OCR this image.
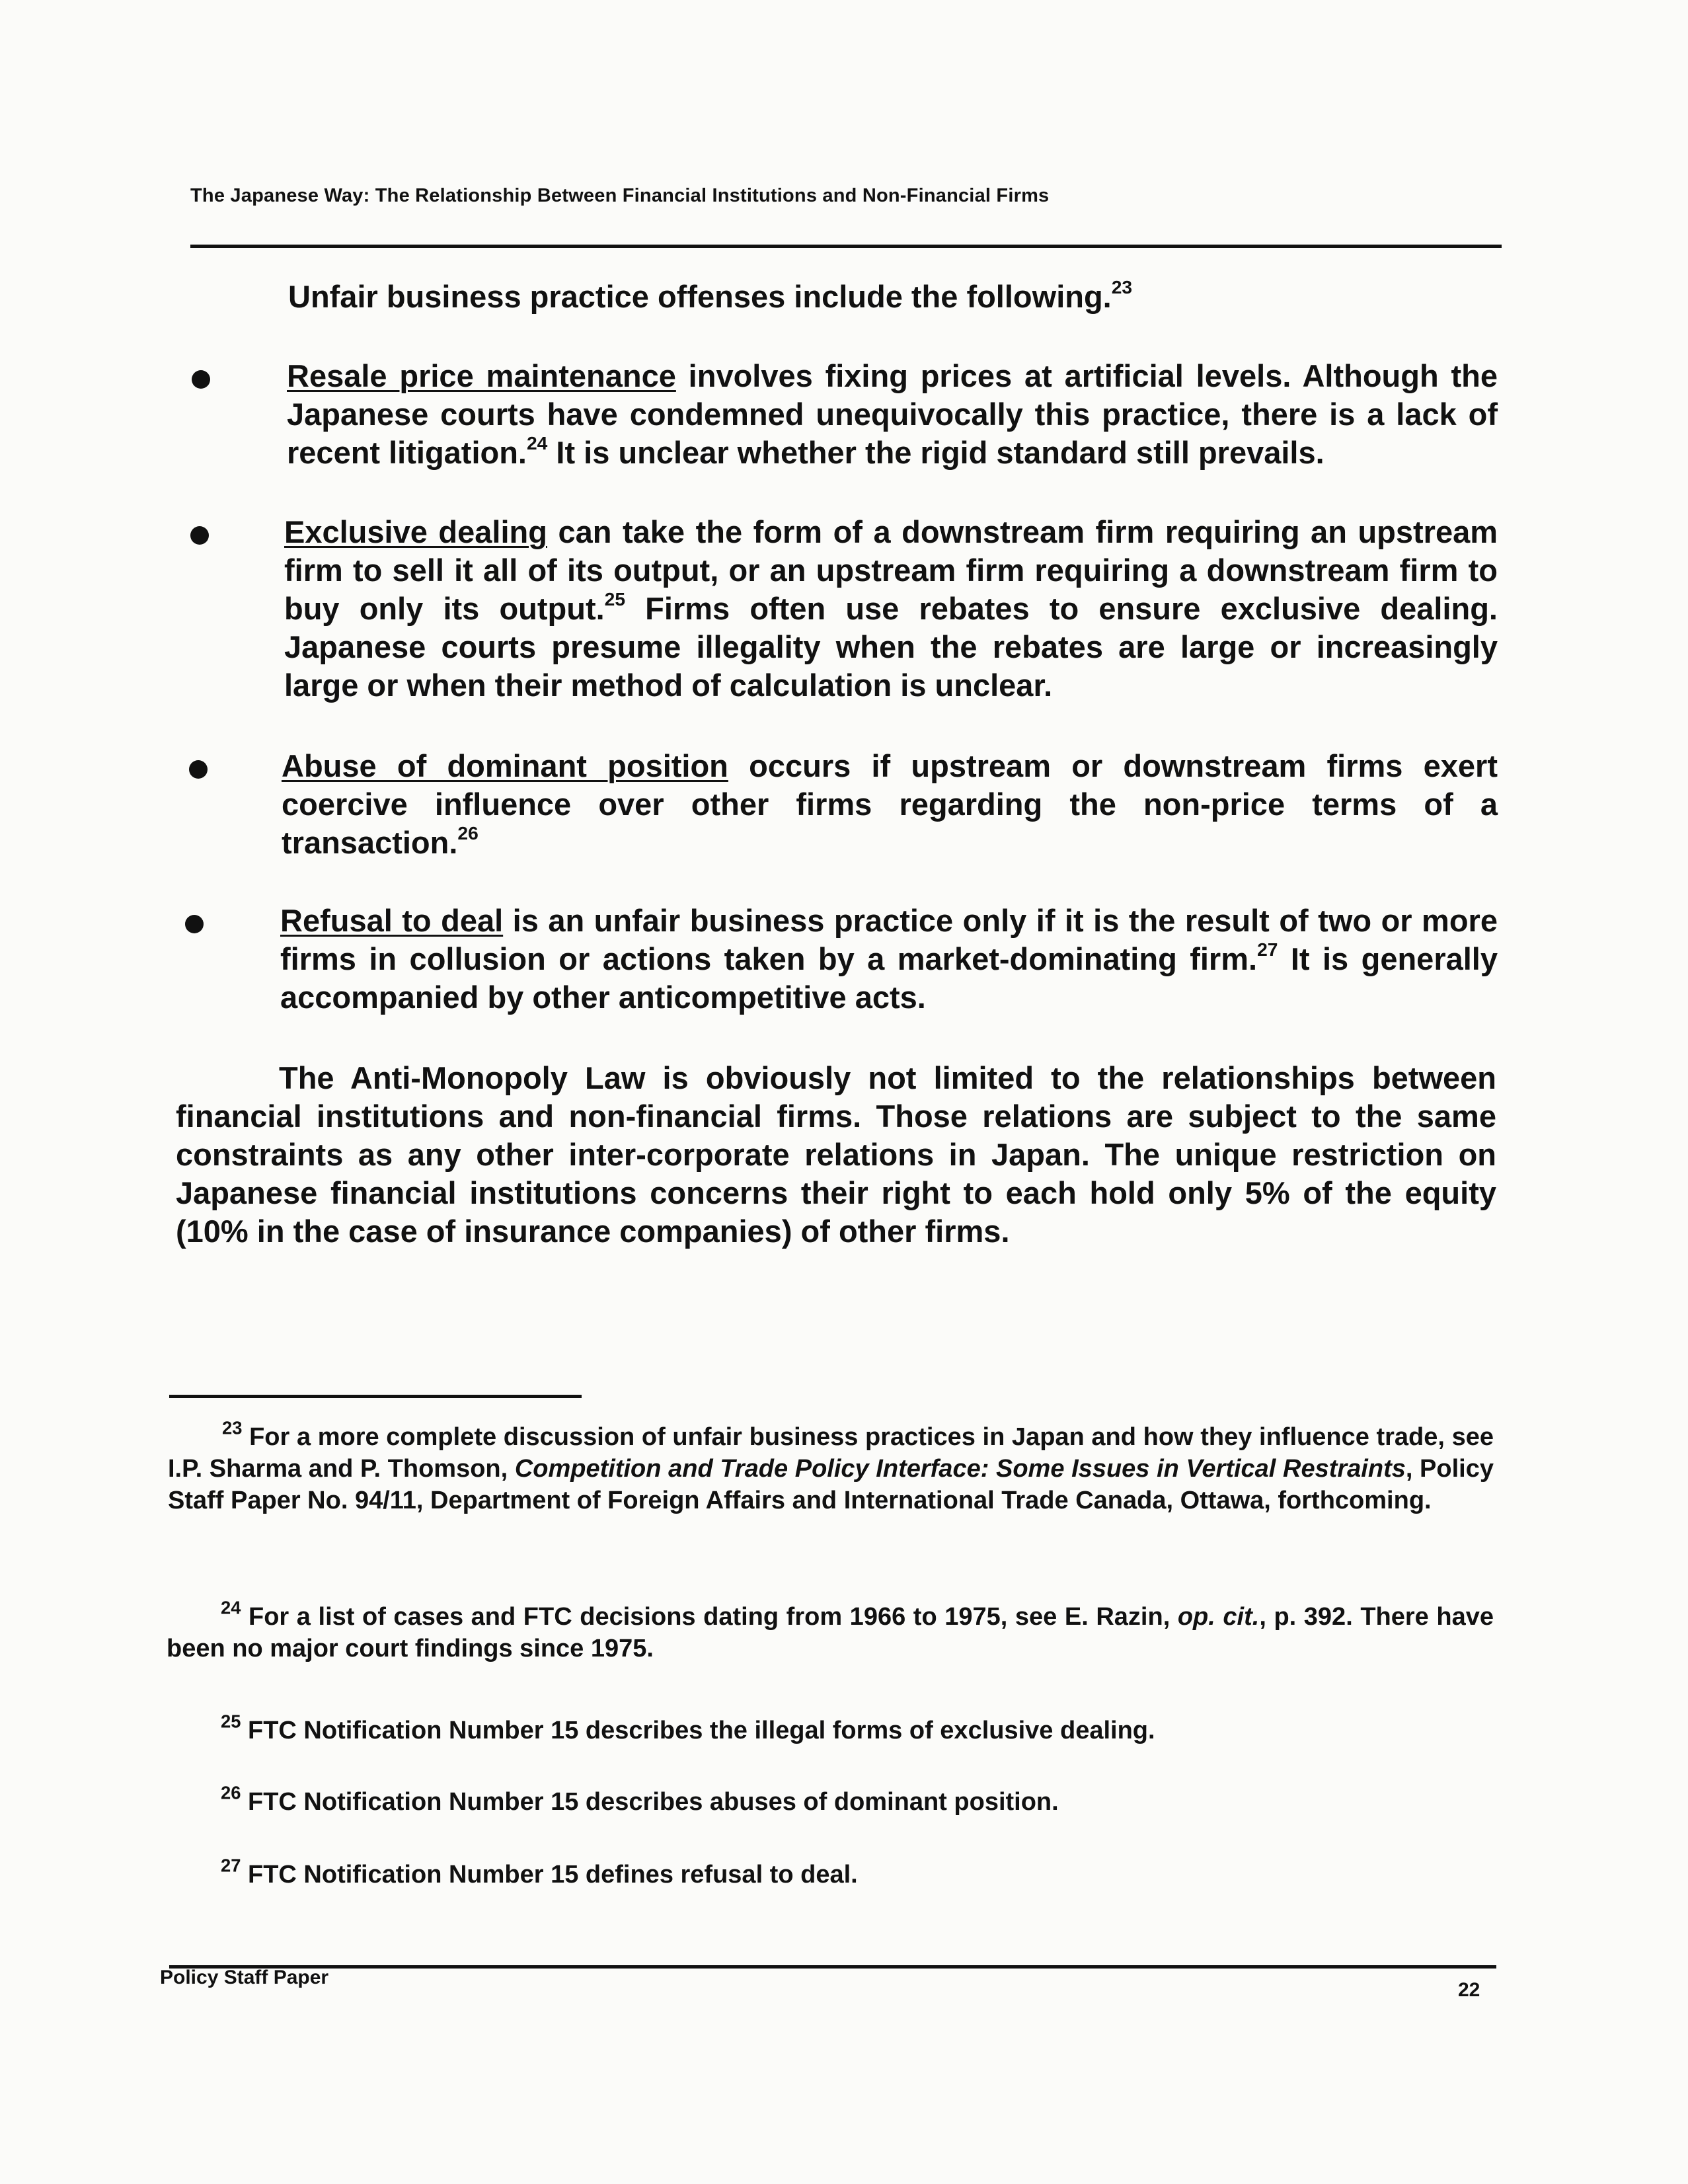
The Japanese Way: The Relationship Between Financial Institutions and Non-Financial Firms
Unfair business practice offenses include the following.$^{23}$
Resale price maintenance involves fixing prices at artificial levels. Although the Japanese courts have condemned unequivocally this practice, there is a lack of recent litigation.$^{24}$ It is unclear whether the rigid standard still prevails.
Exclusive dealing can take the form of a downstream firm requiring an upstream firm to sell it all of its output, or an upstream firm requiring a downstream firm to buy only its output.$^{25}$ Firms often use rebates to ensure exclusive dealing. Japanese courts presume illegality when the rebates are large or increasingly large or when their method of calculation is unclear.
Abuse of dominant position occurs if upstream or downstream firms exert coercive influence over other firms regarding the non-price terms of a transaction.$^{26}$
Refusal to deal is an unfair business practice only if it is the result of two or more firms in collusion or actions taken by a market-dominating firm.$^{27}$ It is generally accompanied by other anticompetitive acts.

The Anti-Monopoly Law is obviously not limited to the relationships between financial institutions and non-financial firms. Those relations are subject to the same constraints as any other inter-corporate relations in Japan. The unique restriction on Japanese financial institutions concerns their right to each hold only 5% of the equity (10% in the case of insurance companies) of other firms.

$^{23}$ For a more complete discussion of unfair business practices in Japan and how they influence trade, see I.P. Sharma and P. Thomson, Competition and Trade Policy Interface: Some Issues in Vertical Restraints, Policy Staff Paper No. 94/11, Department of Foreign Affairs and International Trade Canada, Ottawa, forthcoming.

$^{24}$ For a list of cases and FTC decisions dating from 1966 to 1975, see E. Razin, op. cit., p. 392. There have been no major court findings since 1975.

$^{25}$ FTC Notification Number 15 describes the illegal forms of exclusive dealing.

$^{26}$ FTC Notification Number 15 describes abuses of dominant position.

$^{27}$ FTC Notification Number 15 defines refusal to deal.

Policy Staff Paper
22
